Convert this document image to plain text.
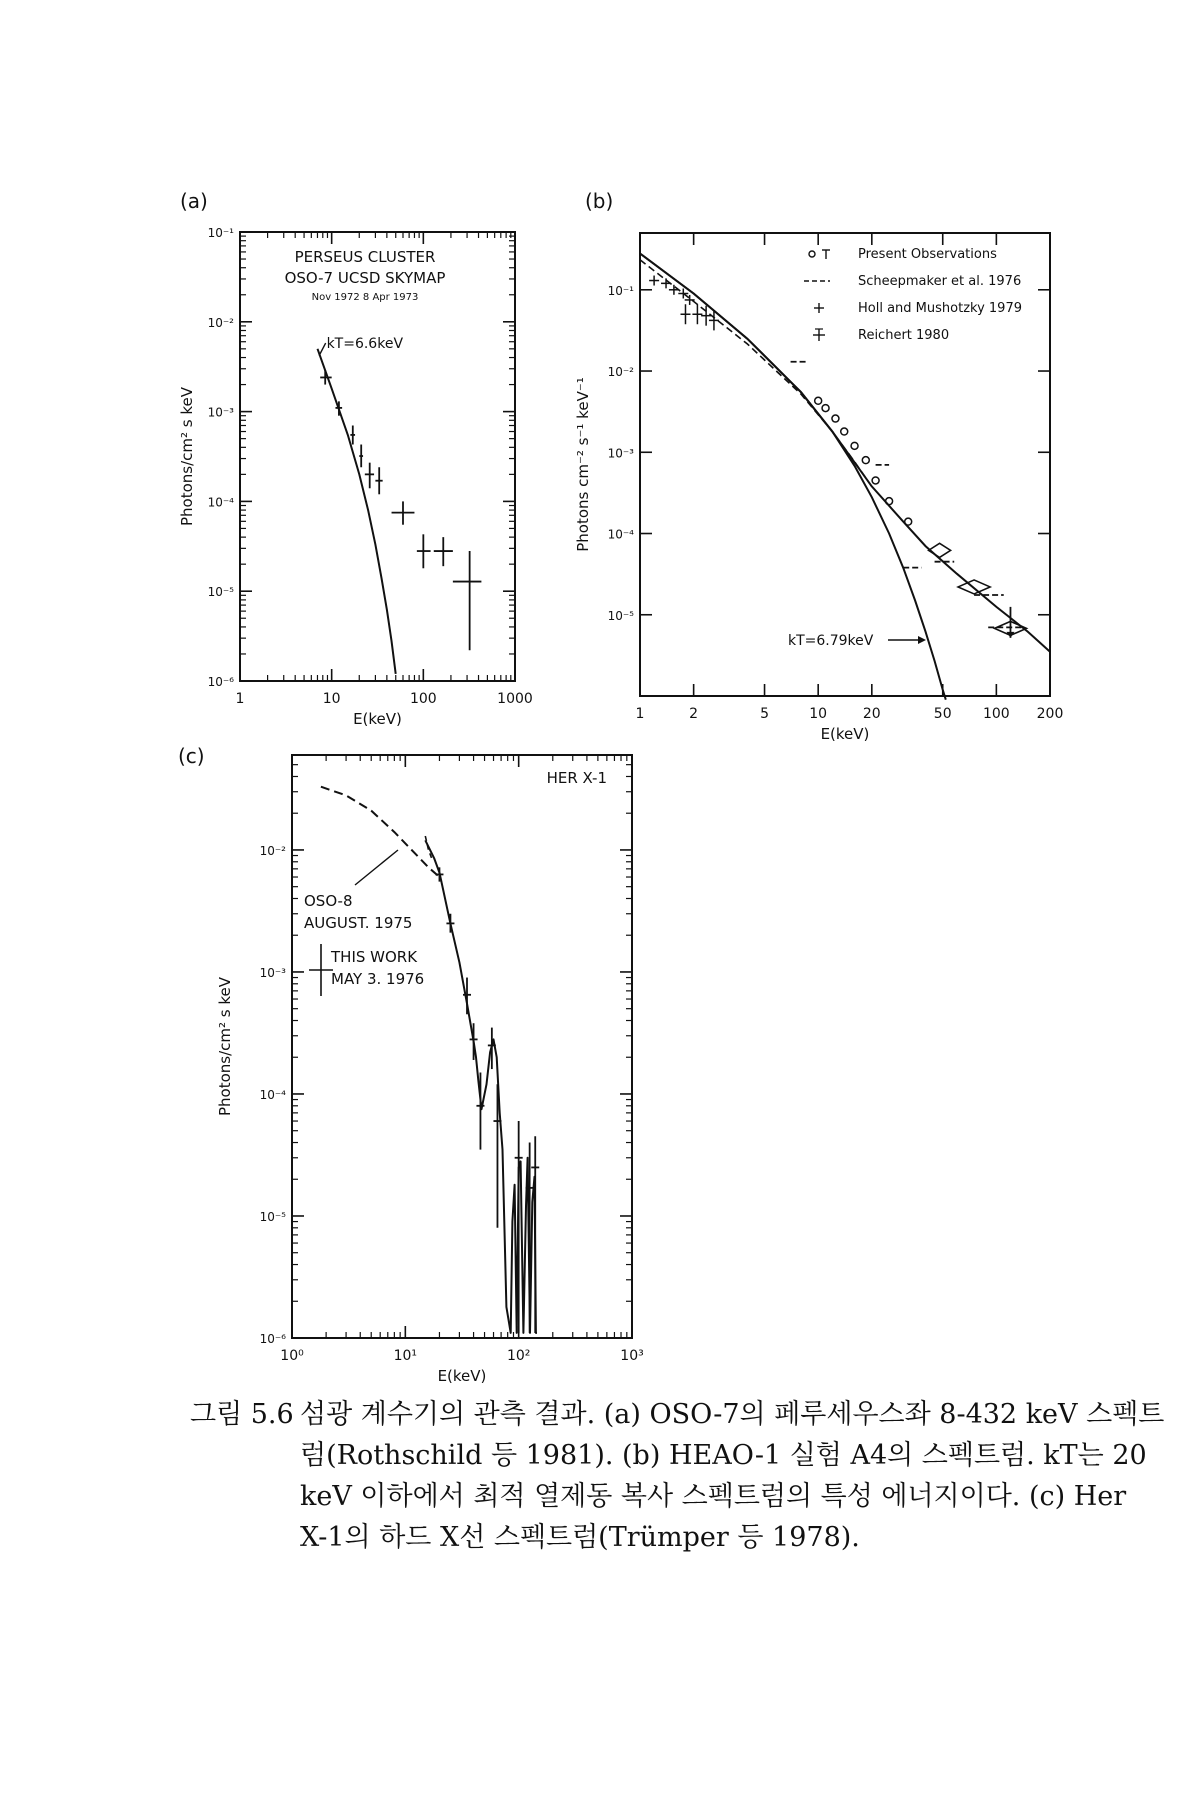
(a)	(b)
(c)
1	10	100	1000
10⁻¹
10⁻²
10⁻³
10⁻⁴
10⁻⁵
10⁻⁶
E(keV)
Photons/cm² s keV
PERSEUS CLUSTER
OSO-7 UCSD SKYMAP
Nov 1972 8 Apr 1973
kT=6.6keV
1	2	5	10	20	50 100 200
10⁻¹
10⁻²
10⁻³
10⁻⁴
10⁻⁵
E(keV)
Photons cm⁻² s⁻¹ keV⁻¹
Present Observations
Scheepmaker et al. 1976
Holl and Mushotzky 1979
Reichert 1980
kT=6.79keV
10⁰	10¹	10²	10³
10⁻²
10⁻³
10⁻⁴
10⁻⁵
10⁻⁶
E(keV)
Photons/cm² s keV
HER X-1
OSO-8
AUGUST. 1975
THIS WORK
MAY 3. 1976
그림 5.6 섬광 계수기의 관측 결과. (a) OSO-7의 페루세우스좌 8-432 keV 스펙트
럼(Rothschild 등 1981). (b) HEAO-1 실험 A4의 스펙트럼. kT는 20
keV 이하에서 최적 열제동 복사 스펙트럼의 특성 에너지이다. (c) Her
X-1의 하드 X선 스펙트럼(Trümper 등 1978).
